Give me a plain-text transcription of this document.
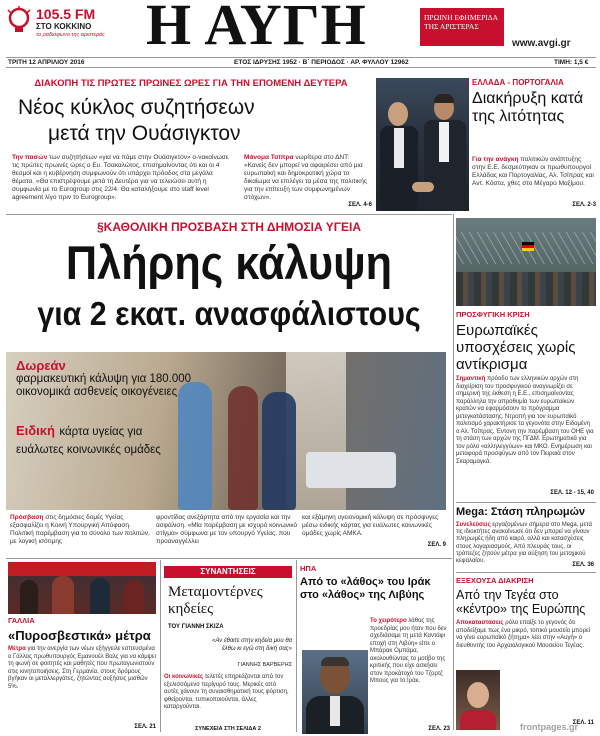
105.5 FM
ΣΤΟ ΚΟΚΚΙΝΟ
το ραδιόφωνο της αριστεράς Η ΑΥΓΗ	ΠΡΩΙΝΗ ΕΦΗΜΕΡΙΔΑ ΤΗΣ ΑΡΙΣΤΕΡΑΣ
www.avgi.gr
ΤΡΙΤΗ 12 ΑΠΡΙΛΙΟΥ 2016	ΕΤΟΣ ΙΔΡΥΣΗΣ 1952 · Β΄ ΠΕΡΙΟΔΟΣ · ΑΡ. ΦΥΛΛΟΥ 12962	ΤΙΜΗ: 1,5 €
ΔΙΑΚΟΠΗ ΤΙΣ ΠΡΩΤΕΣ ΠΡΩΙΝΕΣ ΩΡΕΣ ΓΙΑ ΤΗΝ ΕΠΟΜΕΝΗ ΔΕΥΤΕΡΑ
Νέος κύκλος συζητήσεων
μετά την Ουάσιγκτον
Την πασών των συζητήσεων «για να πάμε στην Ουάσιγκτον» ο-νακοίνωσε τις πρώτες πρωινές ώρες ο Ευ. Τσακαλώτος, επισημαίνοντας ότι και οι 4 θεσμοί και η κυβέρνηση συμφωνούν ότι υπάρχει πρόοδος στα μεγάλα θέματα. «Θα επιστρέψουμε μετά τη Δευτέρα για να τελειώσει αυτή η συμφωνία με το Eurogroup στις 22/4. Θα καταλήξουμε στο staff level agreement λίγο πριν το Eurogroup».
Μάνομα Τσίπρα νωρίτερα στο ΔΝΤ: «Κανείς δεν μπορεί να αφαιρέσει από μια ευρωπαϊκή και δημοκρατική χώρα το δικαίωμα να επιλέγει τα μέσα της πολιτικής για την επίτευξη των συμφωνημένων στόχων».
ΣΕΛ. 4-6
ΕΛΛΑΔΑ - ΠΟΡΤΟΓΑΛΙΑ
Διακήρυξη κατά της λιτότητας
Για την ανάγκη πολιτικών ανάπτυξης στην Ε.Ε. δεσμεύτηκαν οι πρωθυπουργοί Ελλάδας και Πορτογαλίας, Αλ. Τσίπρας και Αντ. Κόστα, χθες στο Μέγαρο Μαξίμου.
ΣΕΛ. 2-3
§ΚΑΘΟΛΙΚΗ ΠΡΟΣΒΑΣΗ ΣΤΗ ΔΗΜΟΣΙΑ ΥΓΕΙΑ
Πλήρης κάλυψη
για 2 εκατ. ανασφάλιστους
Δωρεάν
φαρμακευτική κάλυψη για 180.000 οικονομικά ασθενείς οικογένειες
Ειδική κάρτα υγείας για ευάλωτες κοινωνικές ομάδες
Πρόσβαση στις δημόσιες δομές Υγείας εξασφαλίζει η Κοινή Υπουργική Απόφαση. Πολιτική παρέμβαση για το σύνολο των πολιτών, με λογική ισότιμης
φροντίδας ανεξάρτητα από την εργασία και την ασφάλιση. «Μία παρέμβαση με ισχυρό κοινωνικό στίγμα» σύμφωνα με τον υπουργό Υγείας, που προαναγγέλλει
και εξάμηνη υγειονομική κάλυψη σε πρόσφυγες μέσω ειδικής κάρτας για ευάλωτες κοινωνικές ομάδες χωρίς ΑΜΚΑ.
ΣΕΛ. 9
ΠΡΟΣΦΥΓΙΚΗ ΚΡΙΣΗ
Ευρωπαϊκές υποσχέσεις χωρίς αντίκρισμα
Σημαντική πρόοδο των ελληνικών αρχών στη διαχείριση του προσφυγικού αναγνωρίζει σε σημερινή της έκθεση η Ε.Ε., επισημαίνοντας παράλληλα την απροθυμία των ευρωπαϊκών κρατών να εφαρμόσουν το πρόγραμμα μετεγκατάστασης. Ντροπή για τον ευρωπαϊκό πολιτισμό χαρακτήρισε τα γεγονότα στην Ειδομένη ο Αλ. Τσίπρας. Έντονη την παρέμβαση του ΟΗΕ για τη στάση των αρχών της ΠΓΔΜ. Ερωτηματικά για τον ρόλο «αλληλεγγύων» και ΜΚΟ. Ενημέρωση και μεταφορά προσφύγων από τον Πειραιά στον Σκαραμαγκά.
ΣΕΛ. 12 - 15, 40
Mega: Στάση πληρωμών
Συνελεύσεις εργαζομένων σήμερα στο Mega, μετά τις ιδιοκτήτες ανακοίνωσε ότι δεν μπορεί να γίνουν πληρωμές ήδη από καιρό, αλλά και κατασχέσεις στους λογαριασμούς. Από πλευράς τους, οι τράπεζες ζητούν μέτρα για αύξηση του μετοχικού κεφαλαίου.
ΣΕΛ. 36
ΕΞΕΧΟΥΣΑ ΔΙΑΚΡΙΣΗ
Από την Τεγέα στο «κέντρο» της Ευρώπης
Αποκαταστάσεις ρόλο επαίξε το γεγονός ότι αποδείξαμε πως ένα μικρό, τοπικό μουσείο μπορεί να γίνει ευρωπαϊκό ζήτημα» λέει στην «Αυγή» ο διευθυντής του Αρχαιολογικού Μουσείου Τεγέας.
ΣΕΛ. 11
ΓΑΛΛΙΑ
«Πυροσβεστικά» μέτρα
Μέτρα για την ανεργία των νέων εξήγγειλε εσπευσμένα ο Γάλλος πρωθυπουργός Εμανουέλ Βαλς για να κάμψει τη φωνή σε φοιτητές και μαθητές που πρωταγωνιστούν στις κινητοποιήσεις. Στη Γερμανία, στους δρόμους βγήκαν οι μεταλλεργάτες, ζητώντας αυξήσεις μισθών 5%.
ΣΕΛ. 21
ΣΥΝΑΝΤΗΣΕΙΣ
Μεταμοντέρνες κηδείες
ΤΟΥ ΓΙΑΝΝΗ ΣΚΙΖΑ
«Αν έθαιτε στην κηδεία μου θα έλθω κι εγώ στη δική σας»
ΓΙΑΝΝΗΣ ΒΑΡΒΕΡΗΣ
Οι κοινωνικές τελετές επηρεάζονται από τον εξελισσόμενο περίγυρό τους. Μερικές από αυτές χάνουν τη συναισθηματική τους φόρτιση, φθείρονται, τυπικοποιούνται, άλλες καταργούνται.
ΣΥΝΕΧΕΙΑ ΣΤΗ ΣΕΛΙΔΑ 2
ΗΠΑ
Από το «λάθος» του Ιράκ στο «λάθος» της Λιβύης
Το χειρότερο λάθος της προεδρίας μου ήταν που δεν σχεδιάσαμε τη μετά Καντάφι εποχή στη Λιβύη» είπε ο Μπάρακ Ομπάμα, ακολουθώντας το μοτίβο της κριτικής που είχε ασκήσει στον προκάτοχό του Τζορτζ Μπους για το Ιράκ.
ΣΕΛ. 23	frontpages.gr
